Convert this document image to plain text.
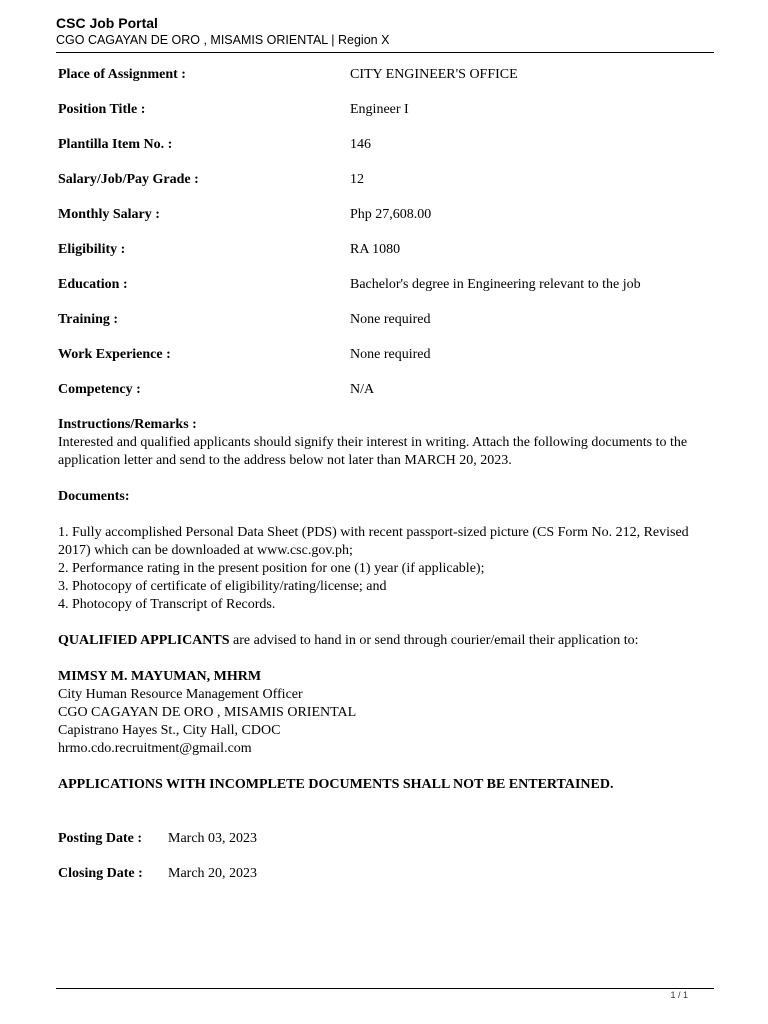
CSC Job Portal
CGO CAGAYAN DE ORO , MISAMIS ORIENTAL | Region X
Place of Assignment :	CITY ENGINEER'S OFFICE
Position Title :	Engineer I
Plantilla Item No. :	146
Salary/Job/Pay Grade :	12
Monthly Salary :	Php 27,608.00
Eligibility :	RA 1080
Education :	Bachelor's degree in Engineering relevant to the job
Training :	None required
Work Experience :	None required
Competency :	N/A
Instructions/Remarks :

Interested and qualified applicants should signify their interest in writing. Attach the following documents to the application letter and send to the address below not later than MARCH 20, 2023.

Documents:

1. Fully accomplished Personal Data Sheet (PDS) with recent passport-sized picture (CS Form No. 212, Revised 2017) which can be downloaded at www.csc.gov.ph;

2. Performance rating in the present position for one (1) year (if applicable);

3. Photocopy of certificate of eligibility/rating/license; and

4. Photocopy of Transcript of Records.

QUALIFIED APPLICANTS are advised to hand in or send through courier/email their application to:

MIMSY M. MAYUMAN, MHRM
City Human Resource Management Officer
CGO CAGAYAN DE ORO , MISAMIS ORIENTAL
Capistrano Hayes St., City Hall, CDOC
hrmo.cdo.recruitment@gmail.com
APPLICATIONS WITH INCOMPLETE DOCUMENTS SHALL NOT BE ENTERTAINED.
Posting Date :	March 03, 2023
Closing Date :	March 20, 2023
1 / 1
